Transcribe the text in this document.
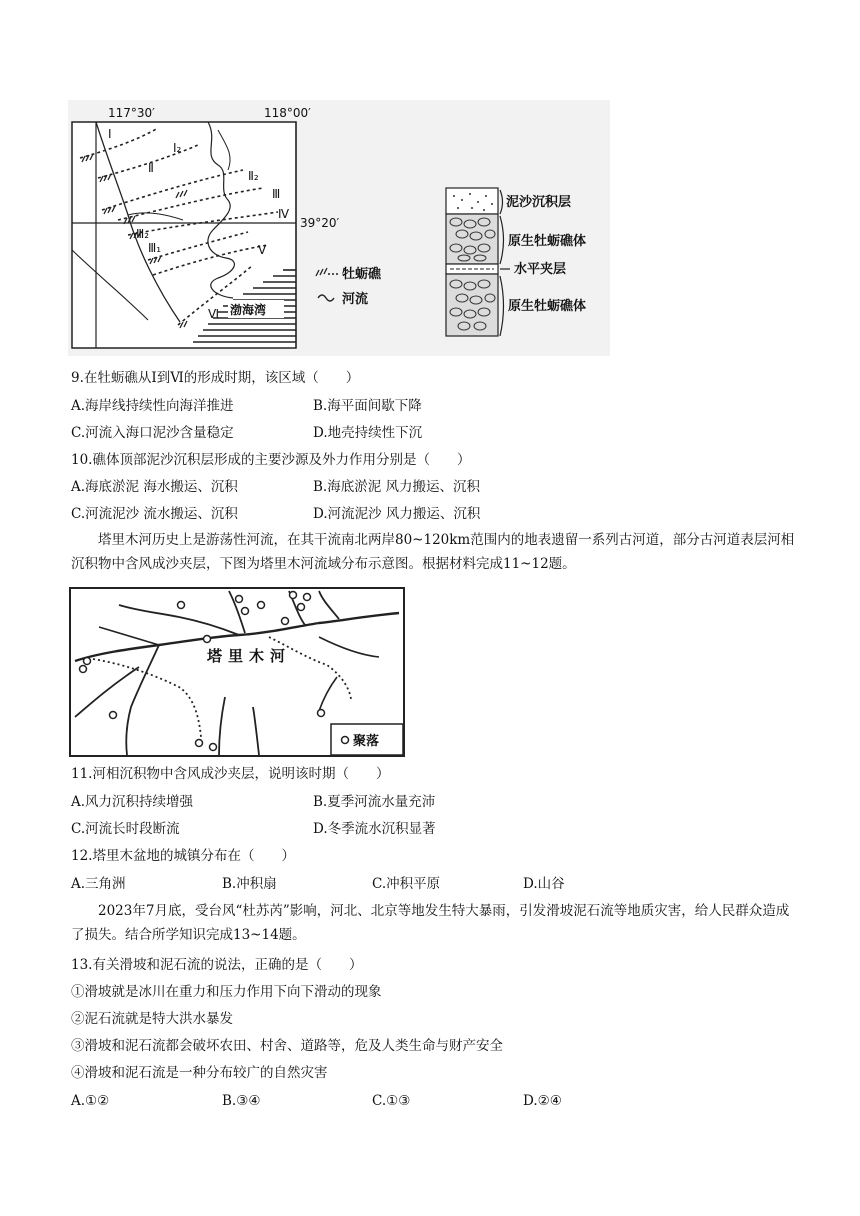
117°30′	118°00′
39°20′
Ⅰ
Ⅰ₂
Ⅱ
Ⅱ₂
Ⅲ
Ⅲ₂
Ⅲ₁
Ⅳ
Ⅴ
Ⅵ 渤海湾
牡蛎礁
河流
泥沙沉积层
原生牡蛎礁体
水平夹层
原生牡蛎礁体
9.在牡蛎礁从Ⅰ到Ⅵ的形成时期，该区域（　　）
A.海岸线持续性向海洋推进	B.海平面间歇下降
C.河流入海口泥沙含量稳定	D.地壳持续性下沉
10.礁体顶部泥沙沉积层形成的主要沙源及外力作用分别是（　　）
A.海底淤泥 海水搬运、沉积	B.海底淤泥 风力搬运、沉积
C.河流泥沙 流水搬运、沉积	D.河流泥沙 风力搬运、沉积
塔里木河历史上是游荡性河流，在其干流南北两岸80~120km范围内的地表遗留一系列古河道，部分古河道表层河相沉积物中含风成沙夹层，下图为塔里木河流域分布示意图。根据材料完成11~12题。
塔里木河
聚落
11.河相沉积物中含风成沙夹层，说明该时期（　　）
A.风力沉积持续增强	B.夏季河流水量充沛
C.河流长时段断流	D.冬季流水沉积显著
12.塔里木盆地的城镇分布在（　　）
A.三角洲	B.冲积扇	C.冲积平原	D.山谷
2023年7月底，受台风“杜苏芮”影响，河北、北京等地发生特大暴雨，引发滑坡泥石流等地质灾害，给人民群众造成了损失。结合所学知识完成13~14题。
13.有关滑坡和泥石流的说法，正确的是（　　）
①滑坡就是冰川在重力和压力作用下向下滑动的现象
②泥石流就是特大洪水暴发
③滑坡和泥石流都会破坏农田、村舍、道路等，危及人类生命与财产安全
④滑坡和泥石流是一种分布较广的自然灾害
A.①②	B.③④	C.①③	D.②④
